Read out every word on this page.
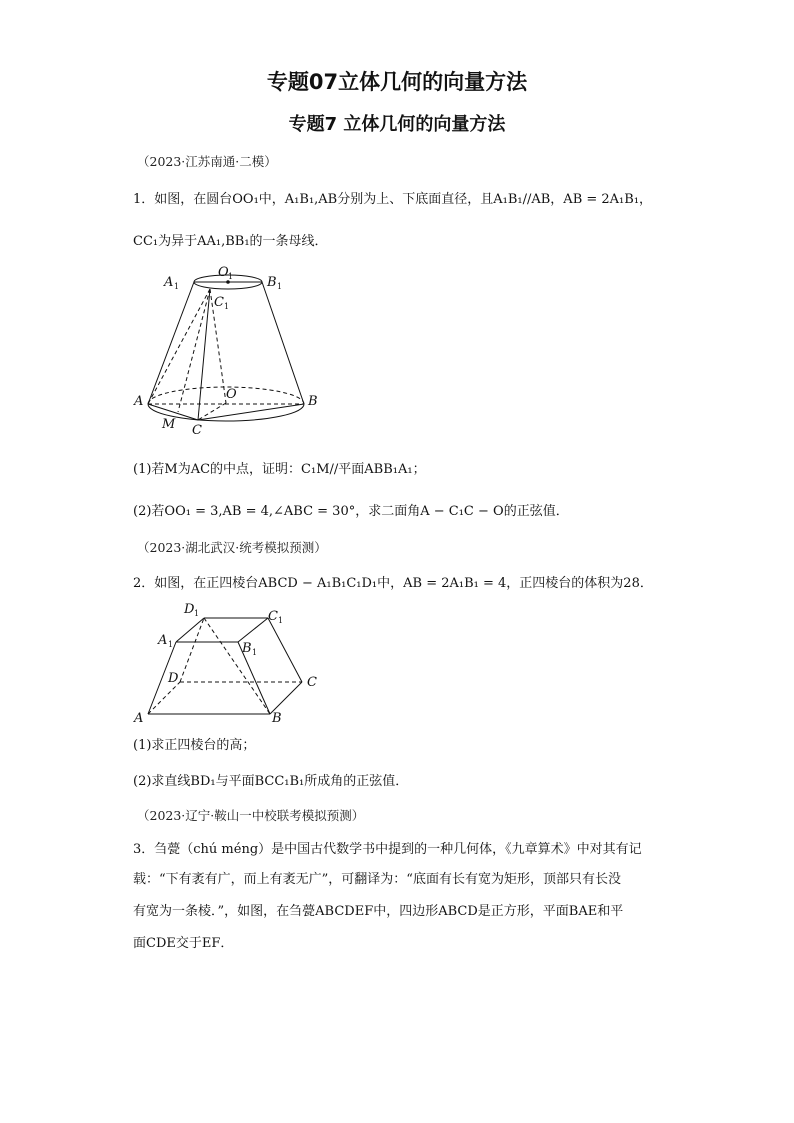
专题07立体几何的向量方法
专题7 立体几何的向量方法
（2023·江苏南通·二模）
1．如图，在圆台OO₁中，A₁B₁,AB分别为上、下底面直径，且A₁B₁//AB，AB = 2A₁B₁，
CC₁为异于AA₁,BB₁的一条母线．
A 1
O 1	B 1
C 1
A	O	B
M C
(1)若M为AC的中点，证明：C₁M//平面ABB₁A₁；
(2)若OO₁ = 3,AB = 4,∠ABC = 30°，求二面角A − C₁C − O的正弦值．
（2023·湖北武汉·统考模拟预测）
2．如图，在正四棱台ABCD − A₁B₁C₁D₁中，AB = 2A₁B₁ = 4，正四棱台的体积为28．
D 1	C 1
A 1	B 1
D	C
A	B
(1)求正四棱台的高；
(2)求直线BD₁与平面BCC₁B₁所成角的正弦值．
（2023·辽宁·鞍山一中校联考模拟预测）
3．刍甍（chú méng）是中国古代数学书中提到的一种几何体，《九章算术》中对其有记
载：“下有袤有广，而上有袤无广”，可翻译为：“底面有长有宽为矩形，顶部只有长没
有宽为一条棱．”，如图，在刍甍ABCDEF中，四边形ABCD是正方形，平面BAE和平
面CDE交于EF．
